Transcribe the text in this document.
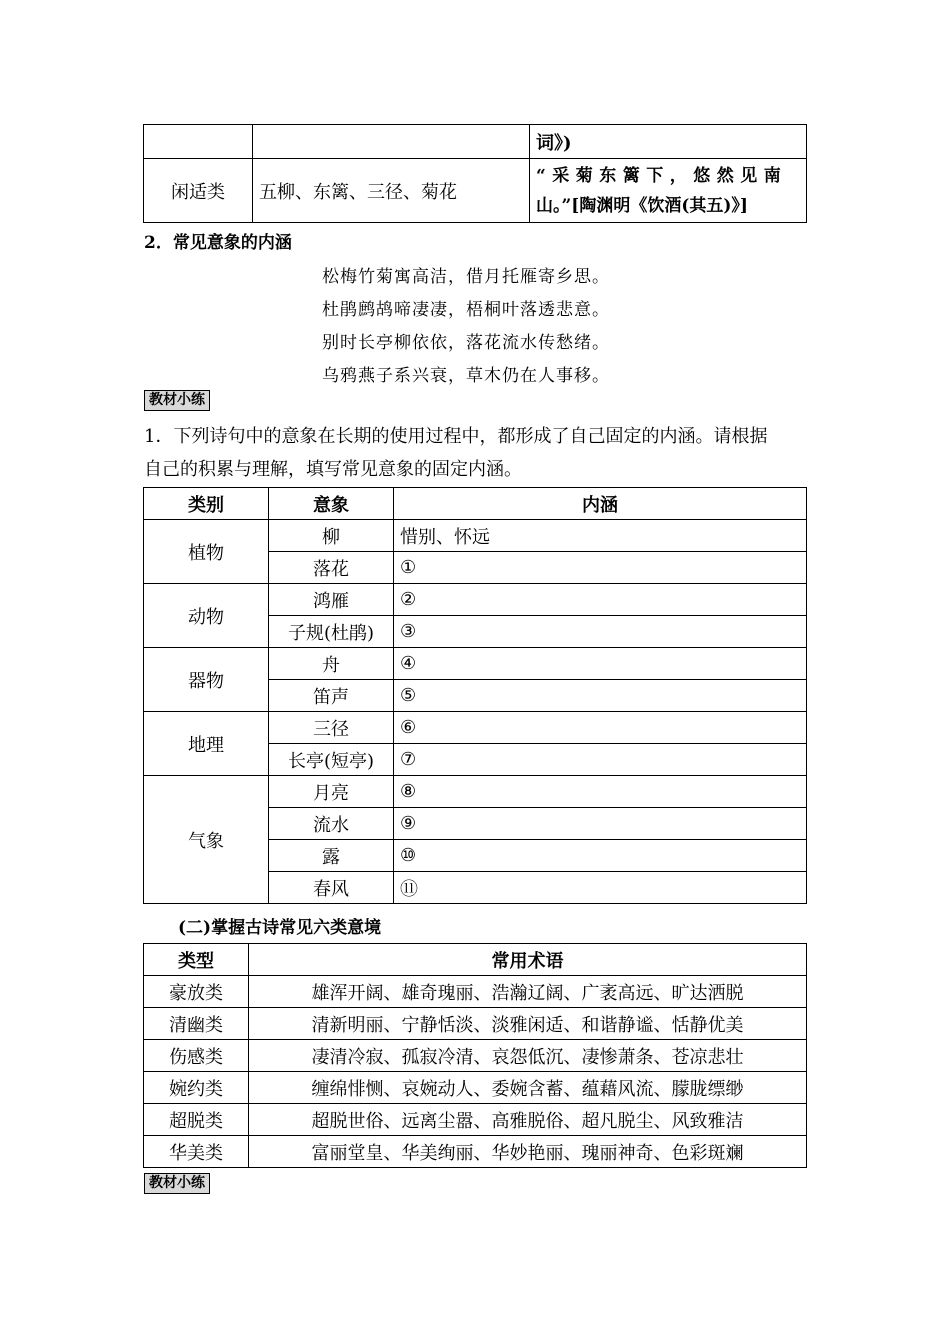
		词》)
闲适类	五柳、东篱、三径、菊花	“采菊东篱下，悠然见南
山。”[陶渊明《饮酒(其五)》]
2．常见意象的内涵
松梅竹菊寓高洁，借月托雁寄乡思。
杜鹃鹧鸪啼凄凄，梧桐叶落透悲意。
别时长亭柳依依，落花流水传愁绪。
乌鸦燕子系兴衰，草木仍在人事移。
教材小练
1．下列诗句中的意象在长期的使用过程中，都形成了自己固定的内涵。请根据
自己的积累与理解，填写常见意象的固定内涵。
类别	意象	内涵
植物	柳	惜别、怀远
	落花	①
动物	鸿雁	②
	子规(杜鹃)	③
器物	舟	④
	笛声	⑤
地理	三径	⑥
	长亭(短亭)	⑦
气象	月亮	⑧
	流水	⑨
	露	⑩
	春风	⑪
(二)掌握古诗常见六类意境
类型	常用术语
豪放类	雄浑开阔、雄奇瑰丽、浩瀚辽阔、广袤高远、旷达洒脱
清幽类	清新明丽、宁静恬淡、淡雅闲适、和谐静谧、恬静优美
伤感类	凄清冷寂、孤寂冷清、哀怨低沉、凄惨萧条、苍凉悲壮
婉约类	缠绵悱恻、哀婉动人、委婉含蓄、蕴藉风流、朦胧缥缈
超脱类	超脱世俗、远离尘嚣、高雅脱俗、超凡脱尘、风致雅洁
华美类	富丽堂皇、华美绚丽、华妙艳丽、瑰丽神奇、色彩斑斓
教材小练
